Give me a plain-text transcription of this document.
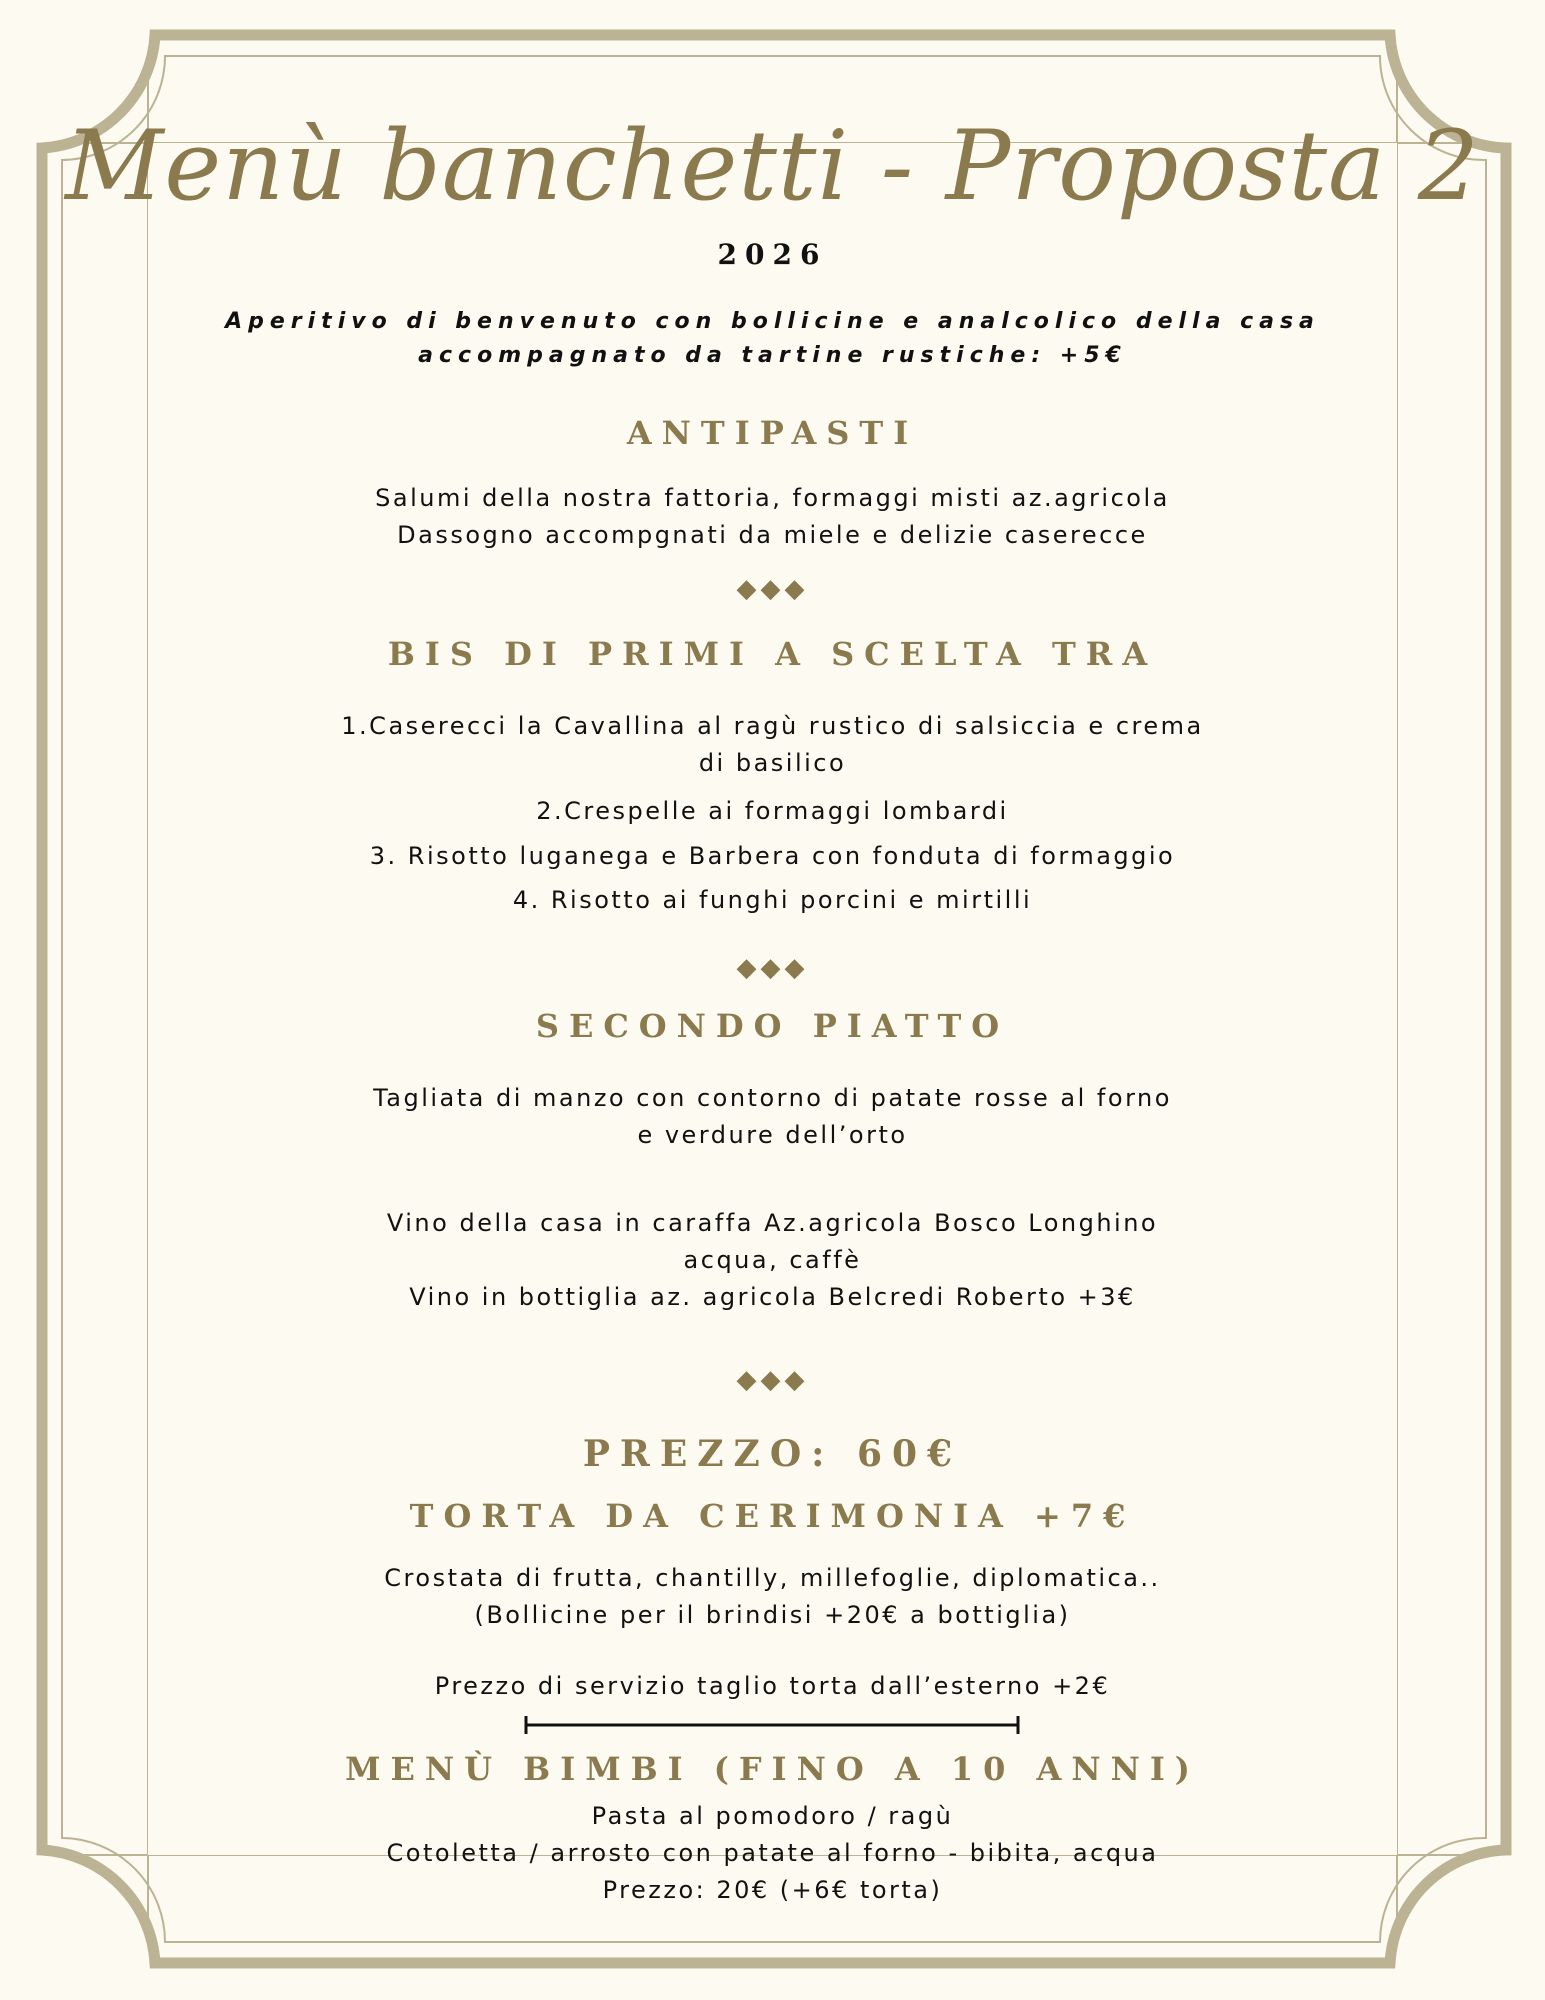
Menù banchetti - Proposta 2
2026
Aperitivo di benvenuto con bollicine e analcolico della casa
accompagnato da tartine rustiche: +5€
ANTIPASTI
Salumi della nostra fattoria, formaggi misti az.agricola
Dassogno accompgnati da miele e delizie caserecce
◆◆◆
BIS DI PRIMI A SCELTA TRA
1.Caserecci la Cavallina al ragù rustico di salsiccia e crema
di basilico
2.Crespelle ai formaggi lombardi
3. Risotto luganega e Barbera con fonduta di formaggio
4. Risotto ai funghi porcini e mirtilli
◆◆◆
SECONDO PIATTO
Tagliata di manzo con contorno di patate rosse al forno
e verdure dell’orto
Vino della casa in caraffa Az.agricola Bosco Longhino
acqua, caffè
Vino in bottiglia az. agricola Belcredi Roberto +3€
◆◆◆
PREZZO: 60€
TORTA DA CERIMONIA +7€
Crostata di frutta, chantilly, millefoglie, diplomatica..
(Bollicine per il brindisi +20€ a bottiglia)
Prezzo di servizio taglio torta dall’esterno +2€
MENÙ BIMBI (FINO A 10 ANNI)
Pasta al pomodoro / ragù
Cotoletta / arrosto con patate al forno - bibita, acqua
Prezzo: 20€ (+6€ torta)
